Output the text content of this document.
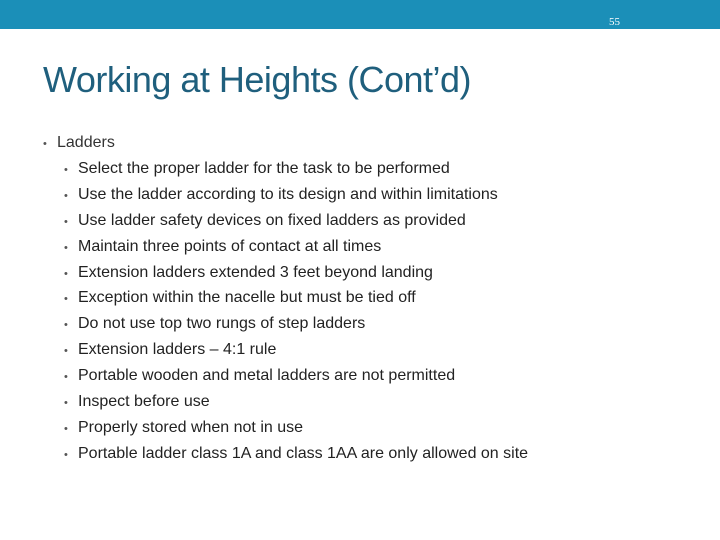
55
Working at Heights (Cont’d)
• Ladders
• Select the proper ladder for the task to be performed
• Use the ladder according to its design and within limitations
• Use ladder safety devices on fixed ladders as provided
• Maintain three points of contact at all times
• Extension ladders extended 3 feet beyond landing
• Exception within the nacelle but must be tied off
• Do not use top two rungs of step ladders
• Extension ladders – 4:1 rule
• Portable wooden and metal ladders are not permitted
• Inspect before use
• Properly stored when not in use
• Portable ladder class 1A and class 1AA are only allowed on site
